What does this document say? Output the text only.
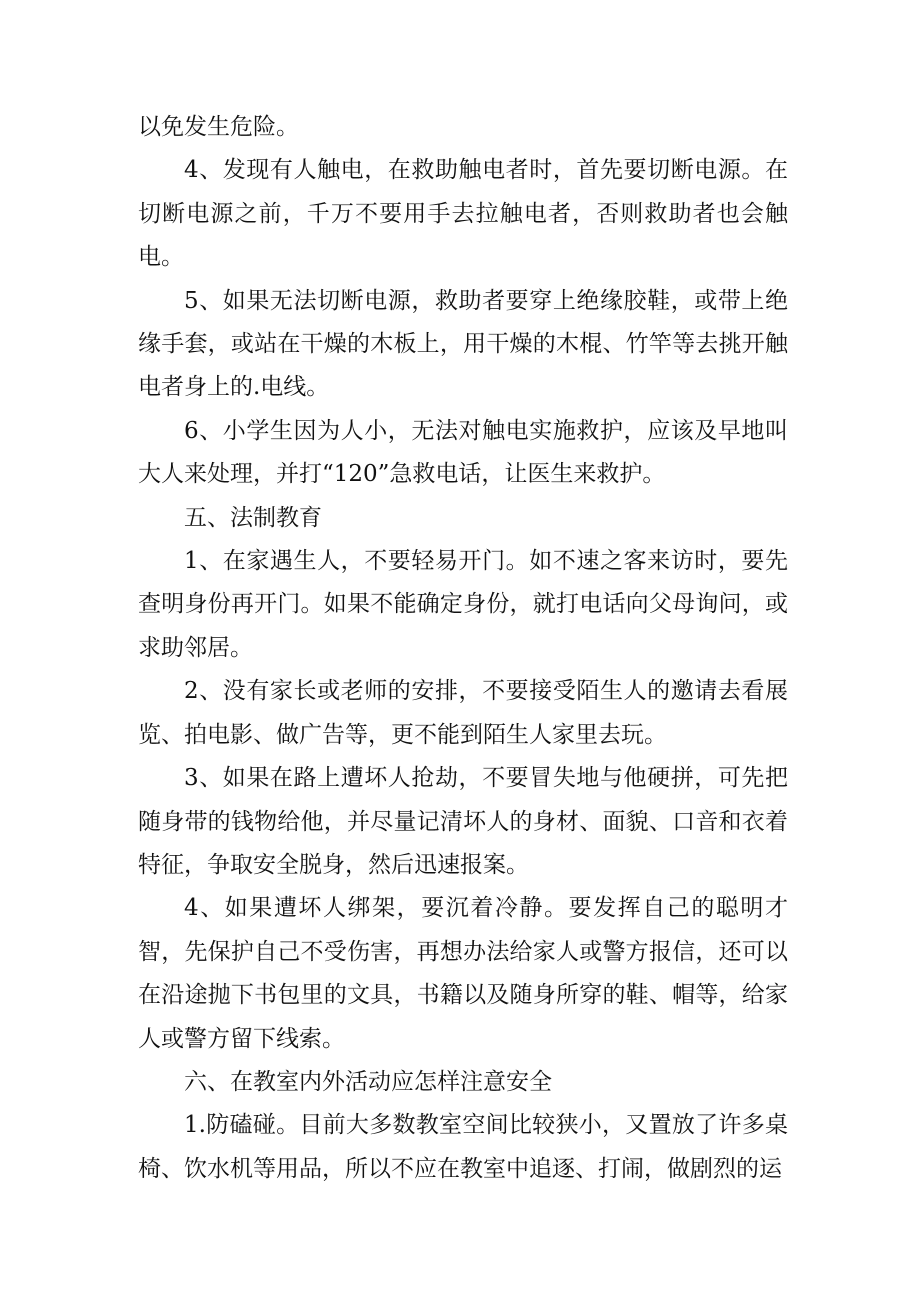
以免发生危险。

4、发现有人触电，在救助触电者时，首先要切断电源。在切断电源之前，千万不要用手去拉触电者，否则救助者也会触电。

5、如果无法切断电源，救助者要穿上绝缘胶鞋，或带上绝缘手套，或站在干燥的木板上，用干燥的木棍、竹竿等去挑开触电者身上的.电线。

6、小学生因为人小，无法对触电实施救护，应该及早地叫大人来处理，并打“120”急救电话，让医生来救护。

五、法制教育

1、在家遇生人，不要轻易开门。如不速之客来访时，要先查明身份再开门。如果不能确定身份，就打电话向父母询问，或求助邻居。

2、没有家长或老师的安排，不要接受陌生人的邀请去看展览、拍电影、做广告等，更不能到陌生人家里去玩。

3、如果在路上遭坏人抢劫，不要冒失地与他硬拼，可先把随身带的钱物给他，并尽量记清坏人的身材、面貌、口音和衣着特征，争取安全脱身，然后迅速报案。

4、如果遭坏人绑架，要沉着冷静。要发挥自己的聪明才智，先保护自己不受伤害，再想办法给家人或警方报信，还可以在沿途抛下书包里的文具，书籍以及随身所穿的鞋、帽等，给家人或警方留下线索。

六、在教室内外活动应怎样注意安全

1.防磕碰。目前大多数教室空间比较狭小，又置放了许多桌椅、饮水机等用品，所以不应在教室中追逐、打闹，做剧烈的运
